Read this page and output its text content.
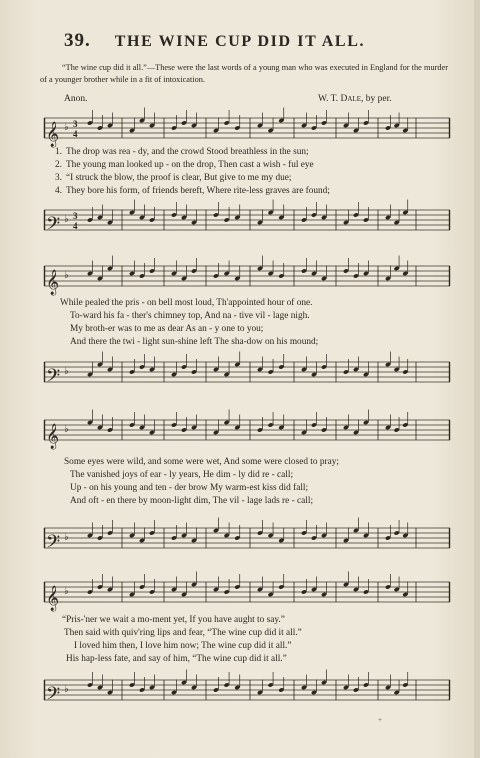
39. THE WINE CUP DID IT ALL.
“The wine cup did it all.”—These were the last words of a young man who was executed in England for the murder of a younger brother while in a fit of intoxication.
Anon.	W. T. Dale, by per.
𝄞 ♭ 3
4
1. The drop was rea - dy, and the crowd Stood breathless in the sun;
2. The young man looked up - on the drop, Then cast a wish - ful eye
3. “I struck the blow, the proof is clear, But give to me my due;
4. They bore his form, of friends bereft, Where rite-less graves are found;
𝄢 ♭ 3
4
𝄞 ♭
While pealed the pris - on bell most loud, Th'appointed hour of one.
To-ward his fa - ther's chimney top, And na - tive vil - lage nigh.
My broth-er was to me as dear As an - y one to you;
And there the twi - light sun-shine left The sha-dow on his mound;
𝄢 ♭
𝄞 ♭
Some eyes were wild, and some were wet, And some were closed to pray;
The vanished joys of ear - ly years, He dim - ly did re - call;
Up - on his young and ten - der brow My warm-est kiss did fall;
And oft - en there by moon-light dim, The vil - lage lads re - call;
𝄢 ♭
𝄞 ♭
“Pris-'ner we wait a mo-ment yet, If you have aught to say.”
Then said with quiv'ring lips and fear, “The wine cup did it all.”
I loved him then, I love him now; The wine cup did it all.”
His hap-less fate, and say of him, “The wine cup did it all.”
𝄢 ♭
+
